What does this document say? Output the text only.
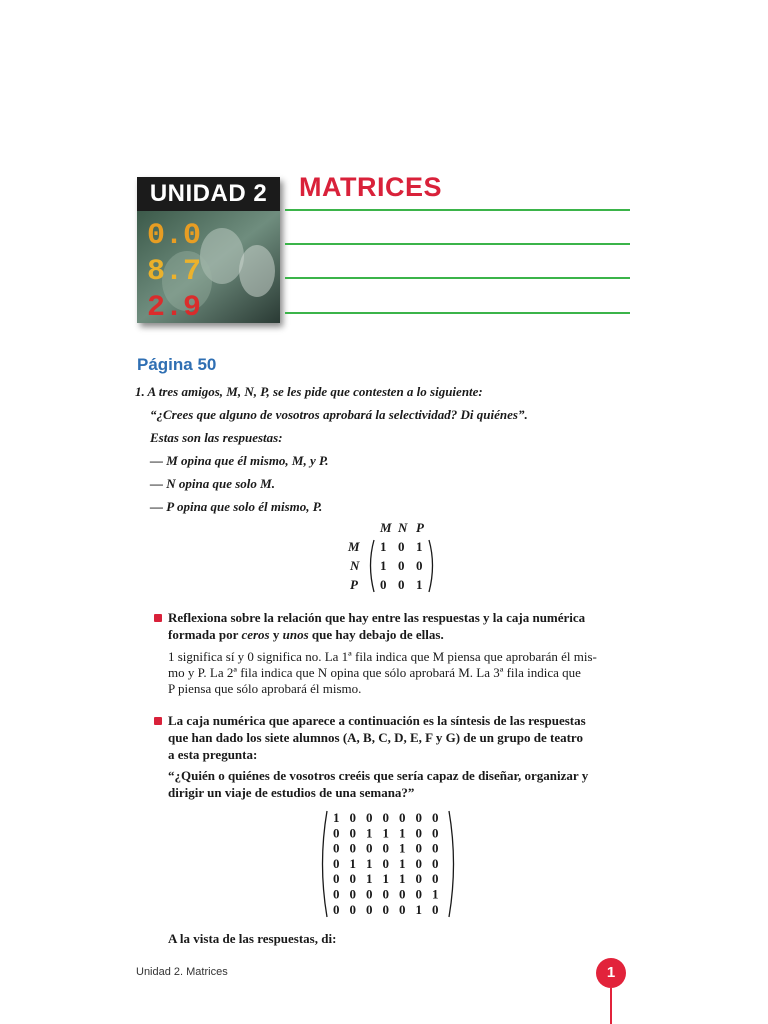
UNIDAD 2
0.0
8.7
2.9
MATRICES
Página 50
1. A tres amigos, M, N, P, se les pide que contesten a lo siguiente:
“¿Crees que alguno de vosotros aprobará la selectividad? Di quiénes”.
Estas son las respuestas:
— M opina que él mismo, M, y P.
— N opina que solo M.
— P opina que solo él mismo, P.
M N P
M
N
P
1 0 1
1 0 0
0 0 1
Reflexiona sobre la relación que hay entre las respuestas y la caja numérica
formada por ceros y unos que hay debajo de ellas.
1 significa sí y 0 significa no. La 1ª fila indica que M piensa que aprobarán él mis-
mo y P. La 2ª fila indica que N opina que sólo aprobará M. La 3ª fila indica que
P piensa que sólo aprobará él mismo.
La caja numérica que aparece a continuación es la síntesis de las respuestas
que han dado los siete alumnos (A, B, C, D, E, F y G) de un grupo de teatro
a esta pregunta:
“¿Quién o quiénes de vosotros creéis que sería capaz de diseñar, organizar y
dirigir un viaje de estudios de una semana?”
1 0 0 0 0 0 0
0 0 1 1 1 0 0
0 0 0 0 1 0 0
0 1 1 0 1 0 0
0 0 1 1 1 0 0
0 0 0 0 0 0 1
0 0 0 0 0 1 0
A la vista de las respuestas, di:
Unidad 2. Matrices	1
